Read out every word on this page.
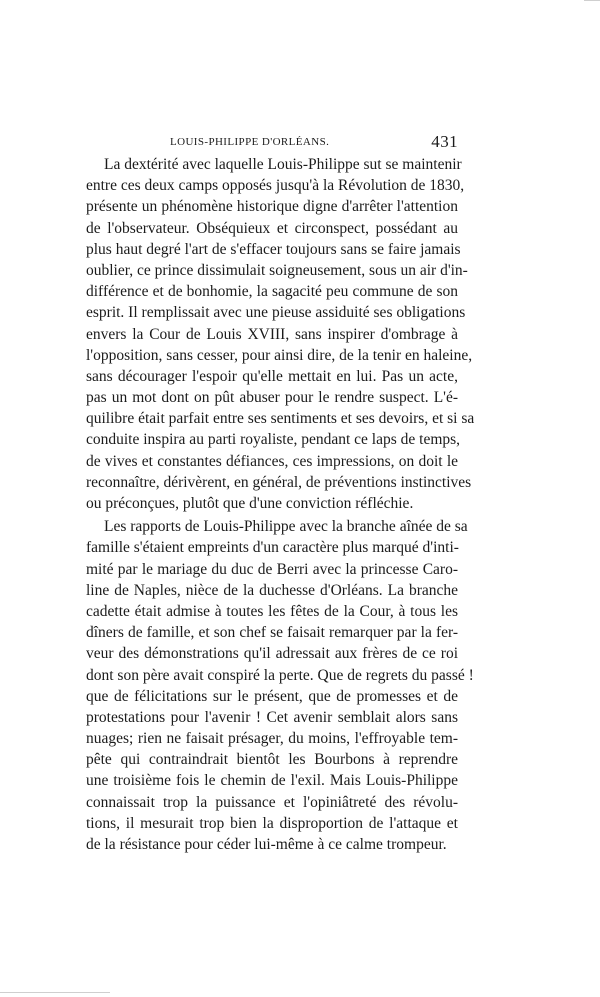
LOUIS-PHILIPPE D'ORLÉANS.	431
La dextérité avec laquelle Louis-Philippe sut se maintenir
entre ces deux camps opposés jusqu'à la Révolution de 1830,
présente un phénomène historique digne d'arrêter l'attention
de l'observateur. Obséquieux et circonspect, possédant au
plus haut degré l'art de s'effacer toujours sans se faire jamais
oublier, ce prince dissimulait soigneusement, sous un air d'in-
différence et de bonhomie, la sagacité peu commune de son
esprit. Il remplissait avec une pieuse assiduité ses obligations
envers la Cour de Louis XVIII, sans inspirer d'ombrage à
l'opposition, sans cesser, pour ainsi dire, de la tenir en haleine,
sans décourager l'espoir qu'elle mettait en lui. Pas un acte,
pas un mot dont on pût abuser pour le rendre suspect. L'é-
quilibre était parfait entre ses sentiments et ses devoirs, et si sa
conduite inspira au parti royaliste, pendant ce laps de temps,
de vives et constantes défiances, ces impressions, on doit le
reconnaître, dérivèrent, en général, de préventions instinctives
ou préconçues, plutôt que d'une conviction réfléchie.
Les rapports de Louis-Philippe avec la branche aînée de sa
famille s'étaient empreints d'un caractère plus marqué d'inti-
mité par le mariage du duc de Berri avec la princesse Caro-
line de Naples, nièce de la duchesse d'Orléans. La branche
cadette était admise à toutes les fêtes de la Cour, à tous les
dîners de famille, et son chef se faisait remarquer par la fer-
veur des démonstrations qu'il adressait aux frères de ce roi
dont son père avait conspiré la perte. Que de regrets du passé !
que de félicitations sur le présent, que de promesses et de
protestations pour l'avenir ! Cet avenir semblait alors sans
nuages; rien ne faisait présager, du moins, l'effroyable tem-
pête qui contraindrait bientôt les Bourbons à reprendre
une troisième fois le chemin de l'exil. Mais Louis-Philippe
connaissait trop la puissance et l'opiniâtreté des révolu-
tions, il mesurait trop bien la disproportion de l'attaque et
de la résistance pour céder lui-même à ce calme trompeur.
